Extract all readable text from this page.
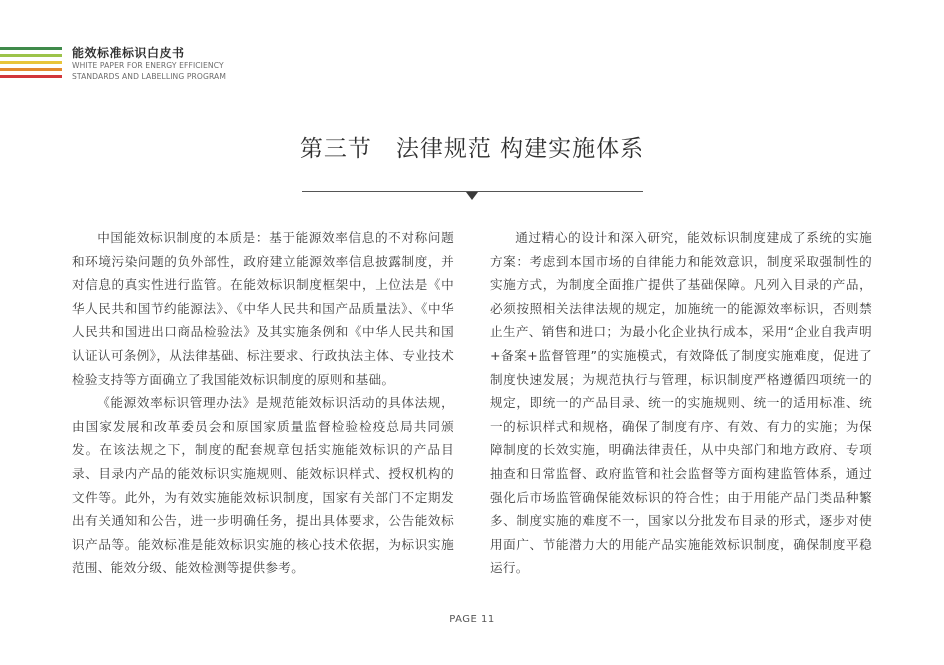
能效标准标识白皮书
WHITE PAPER FOR ENERGY EFFICIENCY
STANDARDS AND LABELLING PROGRAM
第三节　法律规范 构建实施体系

中国能效标识制度的本质是：基于能源效率信息的不对称问题和环境污染问题的负外部性，政府建立能源效率信息披露制度，并对信息的真实性进行监管。在能效标识制度框架中，上位法是《中华人民共和国节约能源法》、《中华人民共和国产品质量法》、《中华人民共和国进出口商品检验法》及其实施条例和《中华人民共和国认证认可条例》，从法律基础、标注要求、行政执法主体、专业技术检验支持等方面确立了我国能效标识制度的原则和基础。

《能源效率标识管理办法》是规范能效标识活动的具体法规，由国家发展和改革委员会和原国家质量监督检验检疫总局共同颁发。在该法规之下，制度的配套规章包括实施能效标识的产品目录、目录内产品的能效标识实施规则、能效标识样式、授权机构的文件等。此外，为有效实施能效标识制度，国家有关部门不定期发出有关通知和公告，进一步明确任务，提出具体要求，公告能效标识产品等。能效标准是能效标识实施的核心技术依据，为标识实施范围、能效分级、能效检测等提供参考。

通过精心的设计和深入研究，能效标识制度建成了系统的实施方案：考虑到本国市场的自律能力和能效意识，制度采取强制性的实施方式，为制度全面推广提供了基础保障。凡列入目录的产品，必须按照相关法律法规的规定，加施统一的能源效率标识，否则禁止生产、销售和进口；为最小化企业执行成本，采用“企业自我声明+备案+监督管理”的实施模式，有效降低了制度实施难度，促进了制度快速发展；为规范执行与管理，标识制度严格遵循四项统一的规定，即统一的产品目录、统一的实施规则、统一的适用标准、统一的标识样式和规格，确保了制度有序、有效、有力的实施；为保障制度的长效实施，明确法律责任，从中央部门和地方政府、专项抽查和日常监督、政府监管和社会监督等方面构建监管体系，通过强化后市场监管确保能效标识的符合性；由于用能产品门类品种繁多、制度实施的难度不一，国家以分批发布目录的形式，逐步对使用面广、节能潜力大的用能产品实施能效标识制度，确保制度平稳运行。

PAGE 11
